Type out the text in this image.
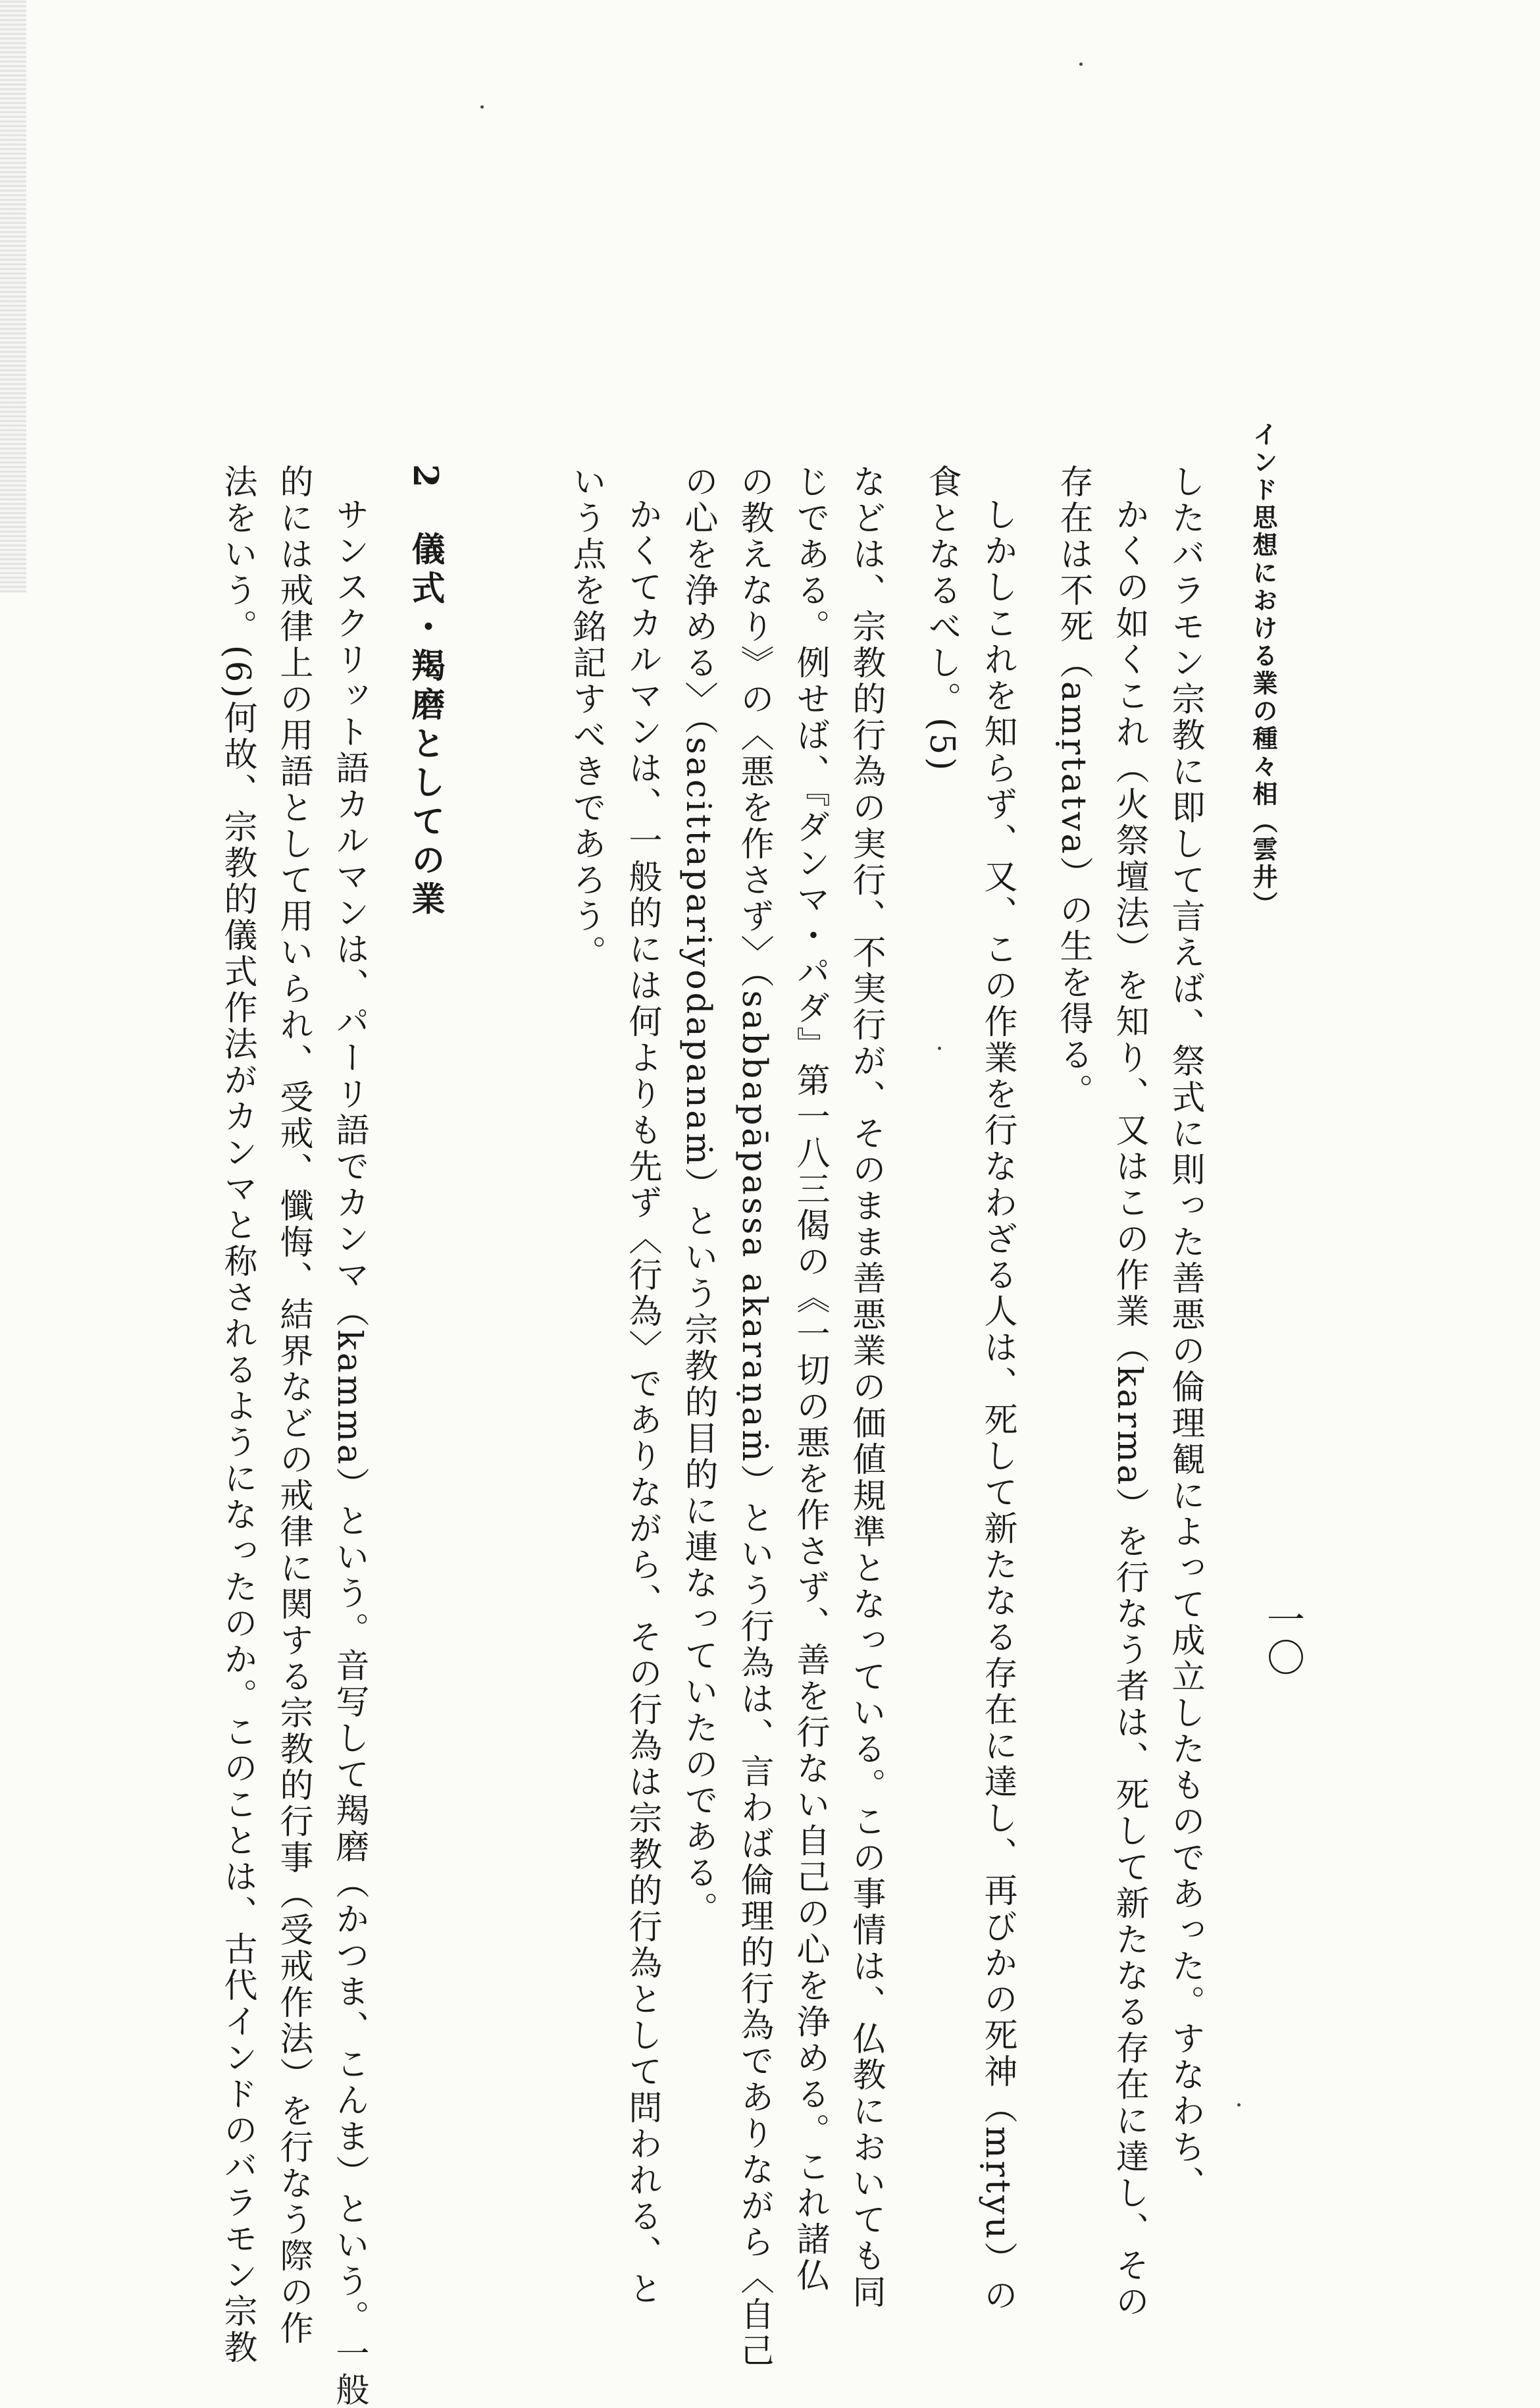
インド思想における業の種々相（雲井）
一〇
したバラモン宗教に即して言えば、祭式に則った善悪の倫理観によって成立したものであった。すなわち、
かくの如くこれ（火祭壇法）を知り、又はこの作業（karma）を行なう者は、死して新たなる存在に達し、その
存在は不死（amṛtatva）の生を得る。
しかしこれを知らず、又、この作業を行なわざる人は、死して新たなる存在に達し、再びかの死神（mṛtyu）の
食となるべし。(5)
などは、宗教的行為の実行、不実行が、そのまま善悪業の価値規準となっている。この事情は、仏教においても同
じである。例せば、『ダンマ・パダ』第一八三偈の《一切の悪を作さず、善を行ない自己の心を浄める。これ諸仏
の教えなり》の〈悪を作さず〉（sabbapāpassa akaraṇaṁ）という行為は、言わば倫理的行為でありながら〈自己
の心を浄める〉（sacittapariyodapanaṁ）という宗教的目的に連なっていたのである。
かくてカルマンは、一般的には何よりも先ず〈行為〉でありながら、その行為は宗教的行為として問われる、と
いう点を銘記すべきであろう。
2　儀式・羯磨としての業
サンスクリット語カルマンは、パーリ語でカンマ（kamma）という。音写して羯磨（かつま、こんま）という。一般
的には戒律上の用語として用いられ、受戒、懺悔、結界などの戒律に関する宗教的行事（受戒作法）を行なう際の作
法をいう。(6)何故、宗教的儀式作法がカンマと称されるようになったのか。このことは、古代インドのバラモン宗教
